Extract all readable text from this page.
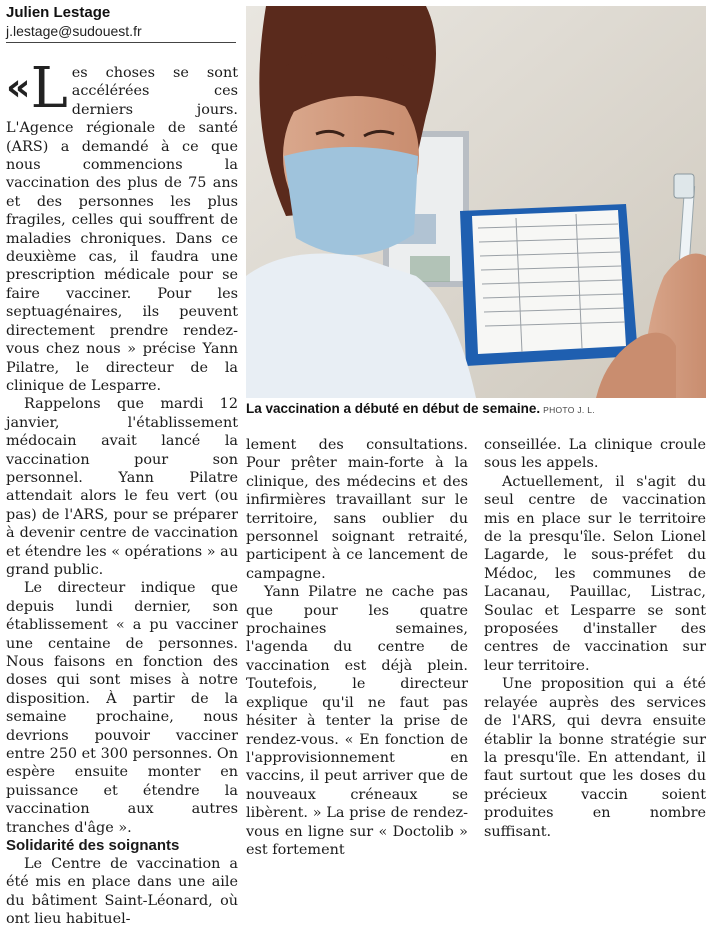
Julien Lestage
j.lestage@sudouest.fr

« L es choses se sont accélérées ces derniers jours. L'Agence régionale de santé (ARS) a demandé à ce que nous commencions la vaccination des plus de 75 ans et des personnes les plus fragiles, celles qui souffrent de maladies chroniques. Dans ce deuxième cas, il faudra une prescription médicale pour se faire vacciner. Pour les septuagénaires, ils peuvent directement prendre rendez-vous chez nous » précise Yann Pilatre, le directeur de la clinique de Lesparre.

Rappelons que mardi 12 janvier, l'établissement médocain avait lancé la vaccination pour son personnel. Yann Pilatre attendait alors le feu vert (ou pas) de l'ARS, pour se préparer à devenir centre de vaccination et étendre les « opérations » au grand public.

Le directeur indique que depuis lundi dernier, son établissement « a pu vacciner une centaine de personnes. Nous faisons en fonction des doses qui sont mises à notre disposition. À partir de la semaine prochaine, nous devrions pouvoir vacciner entre 250 et 300 personnes. On espère ensuite monter en puissance et étendre la vaccination aux autres tranches d'âge ».

Solidarité des soignants

Le Centre de vaccination a été mis en place dans une aile du bâtiment Saint-Léonard, où ont lieu habituel-

La vaccination a débuté en début de semaine. PHOTO J. L.

lement des consultations. Pour prêter main-forte à la clinique, des médecins et des infirmières travaillant sur le territoire, sans oublier du personnel soignant retraité, participent à ce lancement de campagne.

Yann Pilatre ne cache pas que pour les quatre prochaines semaines, l'agenda du centre de vaccination est déjà plein. Toutefois, le directeur explique qu'il ne faut pas hésiter à tenter la prise de rendez-vous. « En fonction de l'approvisionnement en vaccins, il peut arriver que de nouveaux créneaux se libèrent. » La prise de rendez-vous en ligne sur « Doctolib » est fortement

conseillée. La clinique croule sous les appels.

Actuellement, il s'agit du seul centre de vaccination mis en place sur le territoire de la presqu'île. Selon Lionel Lagarde, le sous-préfet du Médoc, les communes de Lacanau, Pauillac, Listrac, Soulac et Lesparre se sont proposées d'installer des centres de vaccination sur leur territoire.

Une proposition qui a été relayée auprès des services de l'ARS, qui devra ensuite établir la bonne stratégie sur la presqu'île. En attendant, il faut surtout que les doses du précieux vaccin soient produites en nombre suffisant.
